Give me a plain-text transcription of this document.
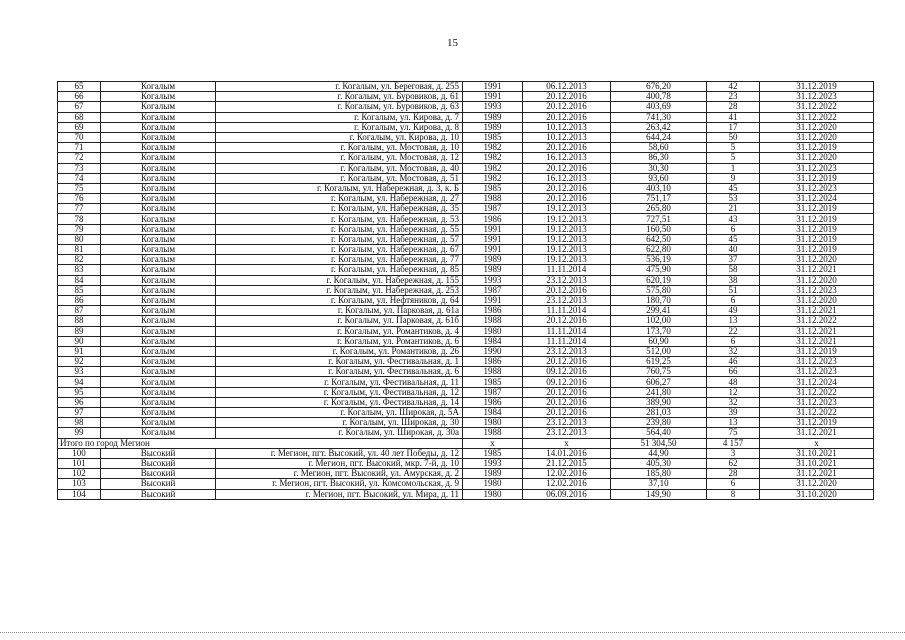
15
65	Когалым	г. Когалым, ул. Береговая, д. 255	1991	06.12.2013	676,20	42	31.12.2019
66	Когалым	г. Когалым, ул. Буровиков, д. 61	1991	20.12.2016	400,78	23	31.12.2023
67	Когалым	г. Когалым, ул. Буровиков, д. 63	1993	20.12.2016	403,69	28	31.12.2022
68	Когалым	г. Когалым, ул. Кирова, д. 7	1989	20.12.2016	741,30	41	31.12.2022
69	Когалым	г. Когалым, ул. Кирова, д. 8	1989	10.12.2013	263,42	17	31.12.2020
70	Когалым	г. Когалым, ул. Кирова, д. 10	1985	10.12.2013	644,24	50	31.12.2020
71	Когалым	г. Когалым, ул. Мостовая, д. 10	1982	20.12.2016	58,60	5	31.12.2019
72	Когалым	г. Когалым, ул. Мостовая, д. 12	1982	16.12.2013	86,30	5	31.12.2020
73	Когалым	г. Когалым, ул. Мостовая, д. 40	1982	20.12.2016	30,30	1	31.12.2023
74	Когалым	г. Когалым, ул. Мостовая, д. 51	1982	16.12.2013	93,60	9	31.12.2019
75	Когалым	г. Когалым, ул. Набережная, д. 3, к. Б	1985	20.12.2016	403,10	45	31.12.2023
76	Когалым	г. Когалым, ул. Набережная, д. 27	1988	20.12.2016	751,17	53	31.12.2024
77	Когалым	г. Когалым, ул. Набережная, д. 35	1987	19.12.2013	265,80	21	31.12.2019
78	Когалым	г. Когалым, ул. Набережная, д. 53	1986	19.12.2013	727,51	43	31.12.2019
79	Когалым	г. Когалым, ул. Набережная, д. 55	1991	19.12.2013	160,50	6	31.12.2019
80	Когалым	г. Когалым, ул. Набережная, д. 57	1991	19.12.2013	642,50	45	31.12.2019
81	Когалым	г. Когалым, ул. Набережная, д. 67	1991	19.12.2013	622,80	40	31.12.2019
82	Когалым	г. Когалым, ул. Набережная, д. 77	1989	19.12.2013	536,19	37	31.12.2020
83	Когалым	г. Когалым, ул. Набережная, д. 85	1989	11.11.2014	475,90	58	31.12.2021
84	Когалым	г. Когалым, ул. Набережная, д. 155	1993	23.12.2013	620,19	38	31.12.2020
85	Когалым	г. Когалым, ул. Набережная, д. 253	1987	20.12.2016	575,80	51	31.12.2023
86	Когалым	г. Когалым, ул. Нефтяников, д. 64	1991	23.12.2013	180,70	6	31.12.2020
87	Когалым	г. Когалым, ул. Парковая, д. 61а	1986	11.11.2014	299,41	49	31.12.2021
88	Когалым	г. Когалым, ул. Парковая, д. 61б	1988	20.12.2016	102,00	13	31.12.2022
89	Когалым	г. Когалым, ул. Романтиков, д. 4	1980	11.11.2014	173,70	22	31.12.2021
90	Когалым	г. Когалым, ул. Романтиков, д. 6	1984	11.11.2014	60,90	6	31.12.2021
91	Когалым	г. Когалым, ул. Романтиков, д. 26	1990	23.12.2013	512,00	32	31.12.2019
92	Когалым	г. Когалым, ул. Фестивальная, д. 1	1986	20.12.2016	619,25	46	31.12.2023
93	Когалым	г. Когалым, ул. Фестивальная, д. 6	1988	09.12.2016	760,75	66	31.12.2023
94	Когалым	г. Когалым, ул. Фестивальная, д. 11	1985	09.12.2016	606,27	48	31.12.2024
95	Когалым	г. Когалым, ул. Фестивальная, д. 12	1987	20.12.2016	241,80	12	31.12.2022
96	Когалым	г. Когалым, ул. Фестивальная, д. 14	1986	20.12.2016	389,90	32	31.12.2023
97	Когалым	г. Когалым, ул. Широкая, д. 5А	1984	20.12.2016	281,03	39	31.12.2022
98	Когалым	г. Когалым, ул. Широкая, д. 30	1980	23.12.2013	239,80	13	31.12.2019
99	Когалым	г. Когалым, ул. Широкая, д. 30а	1988	23.12.2013	564,40	75	31.12.2021
Итого по город Мегион			х	х	51 304,50	4 157	х
100	Высокий	г. Мегион, пгт. Высокий, ул. 40 лет Победы, д. 12	1985	14.01.2016	44,90	3	31.10.2021
101	Высокий	г. Мегион, пгт. Высокий, мкр. 7-й, д. 10	1993	21.12.2015	405,30	62	31.10.2021
102	Высокий	г. Мегион, пгт. Высокий, ул. Амурская, д. 2	1989	12.02.2016	185,80	28	31.12.2021
103	Высокий	г. Мегион, пгт. Высокий, ул. Комсомольская, д. 9	1980	12.02.2016	37,10	6	31.12.2020
104	Высокий	г. Мегион, пгт. Высокий, ул. Мира, д. 11	1980	06.09.2016	149,90	8	31.10.2020
